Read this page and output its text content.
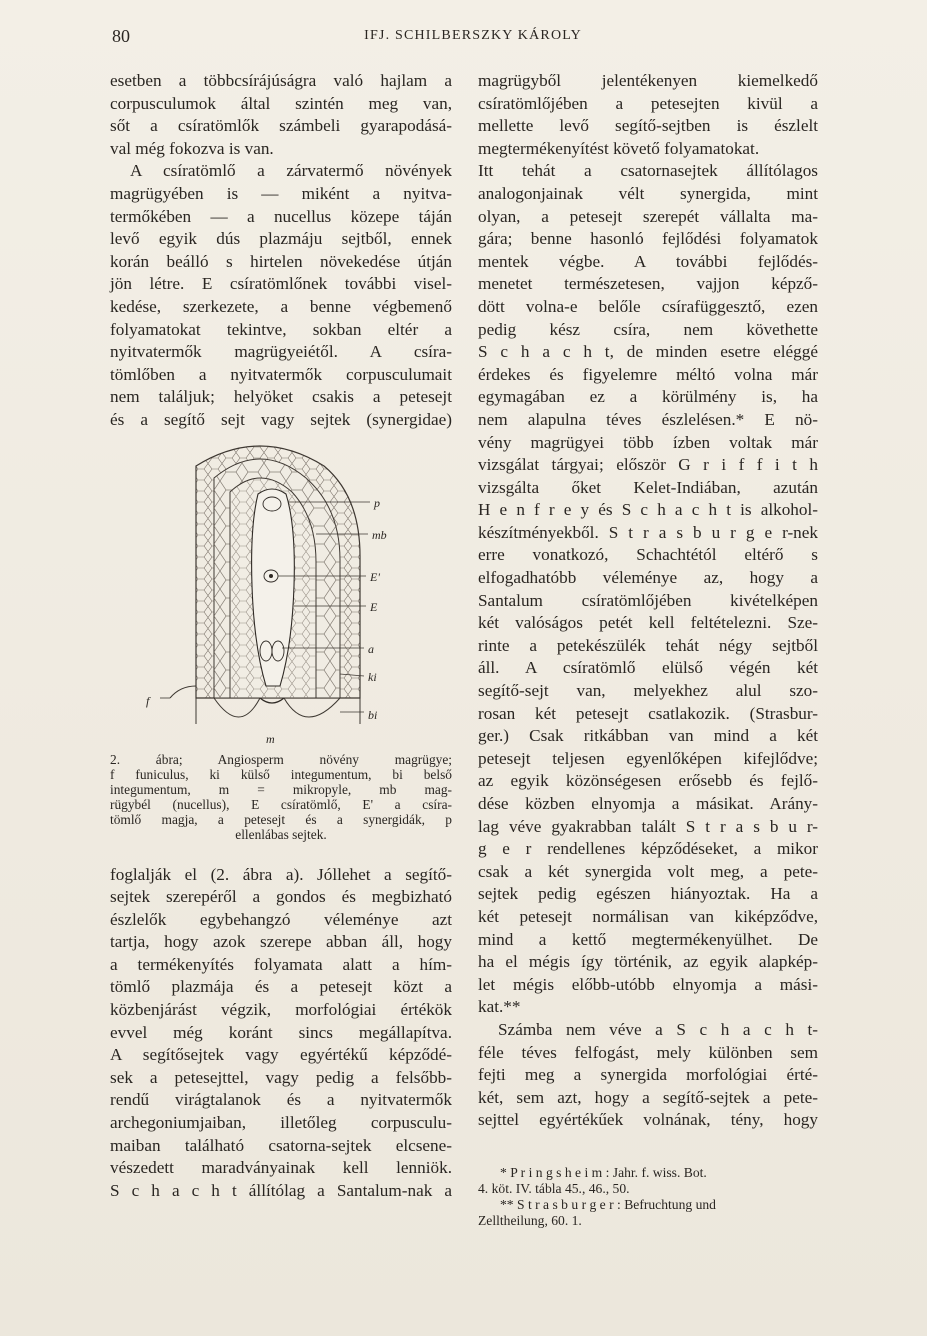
80	IFJ. SCHILBERSZKY KÁROLY
esetben a többcsírájúságra való hajlam a
corpusculumok által szintén meg van,
sőt a csíratömlők számbeli gyarapodásá-
val még fokozva is van.
A csíratömlő a zárvatermő növények
magrügyében is — miként a nyitva-
termőkében — a nucellus közepe táján
levő egyik dús plazmáju sejtből, ennek
korán beálló s hirtelen növekedése útján
jön létre. E csíratömlőnek további visel-
kedése, szerkezete, a benne végbemenő
folyamatokat tekintve, sokban eltér a
nyitvatermők magrügyeiétől. A csíra-
tömlőben a nyitvatermők corpusculumait
nem találjuk; helyöket csakis a petesejt
és a segítő sejt vagy sejtek (synergidae)
p
mb
E'
E
a
ki
bi
f
m
2. ábra; Angiosperm növény magrügye;
f funiculus, ki külső integumentum, bi belső
integumentum, m = mikropyle, mb mag-
rügybél (nucellus), E csíratömlő, E' a csíra-
tömlő magja, a petesejt és a synergidák, p
ellenlábas sejtek.
foglalják el (2. ábra a). Jóllehet a segítő-
sejtek szerepéről a gondos és megbizható
észlelők egybehangzó véleménye azt
tartja, hogy azok szerepe abban áll, hogy
a termékenyítés folyamata alatt a hím-
tömlő plazmája és a petesejt közt a
közbenjárást végzik, morfológiai értékök
evvel még koránt sincs megállapítva.
A segítősejtek vagy egyértékű képződé-
sek a petesejttel, vagy pedig a felsőbb-
rendű virágtalanok és a nyitvatermők
archegoniumjaiban, illetőleg corpusculu-
maiban található csatorna-sejtek elcsene-
vészedett maradványainak kell lenniök.
S c h a c h t állítólag a Santalum-nak a
magrügyből jelentékenyen kiemelkedő
csíratömlőjében a petesejten kivül a
mellette levő segítő-sejtben is észlelt
megtermékenyítést követő folyamatokat.
Itt tehát a csatornasejtek állítólagos
analogonjainak vélt synergida, mint
olyan, a petesejt szerepét vállalta ma-
gára; benne hasonló fejlődési folyamatok
mentek végbe. A további fejlődés-
menetet természetesen, vajjon képző-
dött volna-e belőle csírafüggesztő, ezen
pedig kész csíra, nem követhette
S c h a c h t, de minden esetre eléggé
érdekes és figyelemre méltó volna már
egymagában ez a körülmény is, ha
nem alapulna téves észlelésen.* E nö-
vény magrügyei több ízben voltak már
vizsgálat tárgyai; először G r i f f i t h
vizsgálta őket Kelet-Indiában, azután
H e n f r e y és S c h a c h t is alkohol-
készítményekből. S t r a s b u r g e r-nek
erre vonatkozó, Schachtétól eltérő s
elfogadhatóbb véleménye az, hogy a
Santalum csíratömlőjében kivételképen
két valóságos petét kell feltételezni. Sze-
rinte a petekészülék tehát négy sejtből
áll. A csíratömlő elülső végén két
segítő-sejt van, melyekhez alul szo-
rosan két petesejt csatlakozik. (Strasbur-
ger.) Csak ritkábban van mind a két
petesejt teljesen egyenlőképen kifejlődve;
az egyik közönségesen erősebb és fejlő-
dése közben elnyomja a másikat. Arány-
lag véve gyakrabban talált S t r a s b u r-
g e r rendellenes képződéseket, a mikor
csak a két synergida volt meg, a pete-
sejtek pedig egészen hiányoztak. Ha a
két petesejt normálisan van kiképződve,
mind a kettő megtermékenyülhet. De
ha el mégis így történik, az egyik alapkép-
let mégis előbb-utóbb elnyomja a mási-
kat.**
Számba nem véve a S c h a c h t-
féle téves felfogást, mely különben sem
fejti meg a synergida morfológiai érté-
két, sem azt, hogy a segítő-sejtek a pete-
sejttel egyértékűek volnának, tény, hogy
* P r i n g s h e i m : Jahr. f. wiss. Bot.
4. köt. IV. tábla 45., 46., 50.
** S t r a s b u r g e r : Befruchtung und
Zelltheilung, 60. 1.
